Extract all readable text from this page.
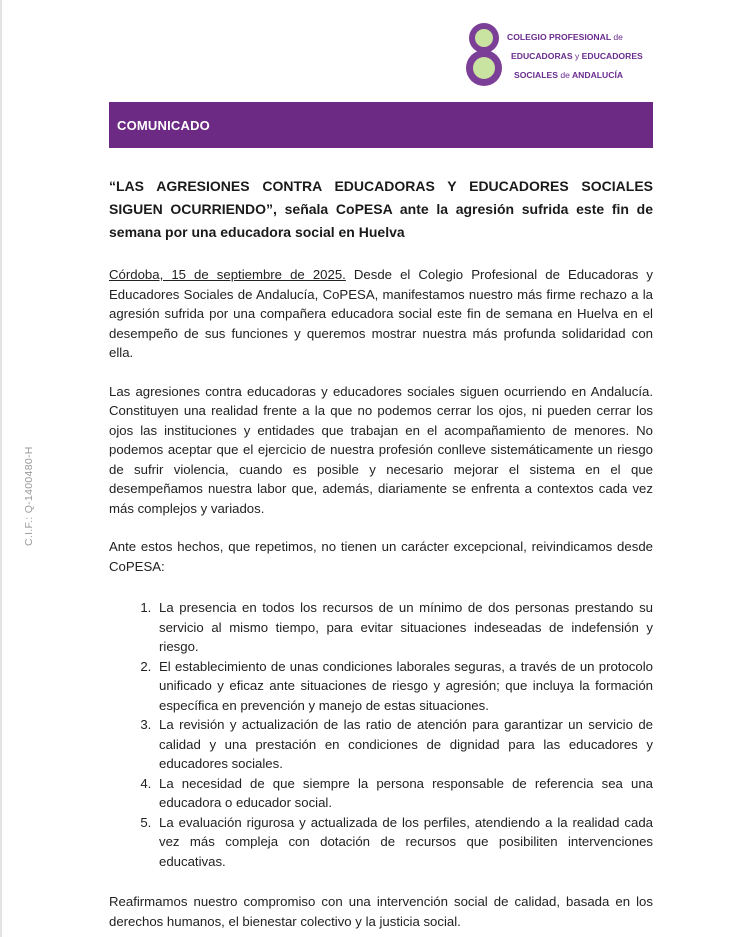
COLEGIO PROFESIONAL de
EDUCADORAS y EDUCADORES
SOCIALES de ANDALUCÍA
C.I.F.: Q-1400480-H
COMUNICADO
“LAS AGRESIONES CONTRA EDUCADORAS Y EDUCADORES SOCIALES SIGUEN OCURRIENDO”, señala CoPESA ante la agresión sufrida este fin de semana por una educadora social en Huelva

Córdoba, 15 de septiembre de 2025. Desde el Colegio Profesional de Educadoras y Educadores Sociales de Andalucía, CoPESA, manifestamos nuestro más firme rechazo a la agresión sufrida por una compañera educadora social este fin de semana en Huelva en el desempeño de sus funciones y queremos mostrar nuestra más profunda solidaridad con ella.

Las agresiones contra educadoras y educadores sociales siguen ocurriendo en Andalucía. Constituyen una realidad frente a la que no podemos cerrar los ojos, ni pueden cerrar los ojos las instituciones y entidades que trabajan en el acompañamiento de menores. No podemos aceptar que el ejercicio de nuestra profesión conlleve sistemáticamente un riesgo de sufrir violencia, cuando es posible y necesario mejorar el sistema en el que desempeñamos nuestra labor que, además, diariamente se enfrenta a contextos cada vez más complejos y variados.

Ante estos hechos, que repetimos, no tienen un carácter excepcional, reivindicamos desde CoPESA:

1. La presencia en todos los recursos de un mínimo de dos personas prestando su servicio al mismo tiempo, para evitar situaciones indeseadas de indefensión y riesgo.
2. El establecimiento de unas condiciones laborales seguras, a través de un protocolo unificado y eficaz ante situaciones de riesgo y agresión; que incluya la formación específica en prevención y manejo de estas situaciones.
3. La revisión y actualización de las ratio de atención para garantizar un servicio de calidad y una prestación en condiciones de dignidad para las educadores y educadores sociales.
4. La necesidad de que siempre la persona responsable de referencia sea una educadora o educador social.
5. La evaluación rigurosa y actualizada de los perfiles, atendiendo a la realidad cada vez más compleja con dotación de recursos que posibiliten intervenciones educativas.

Reafirmamos nuestro compromiso con una intervención social de calidad, basada en los derechos humanos, el bienestar colectivo y la justicia social.
